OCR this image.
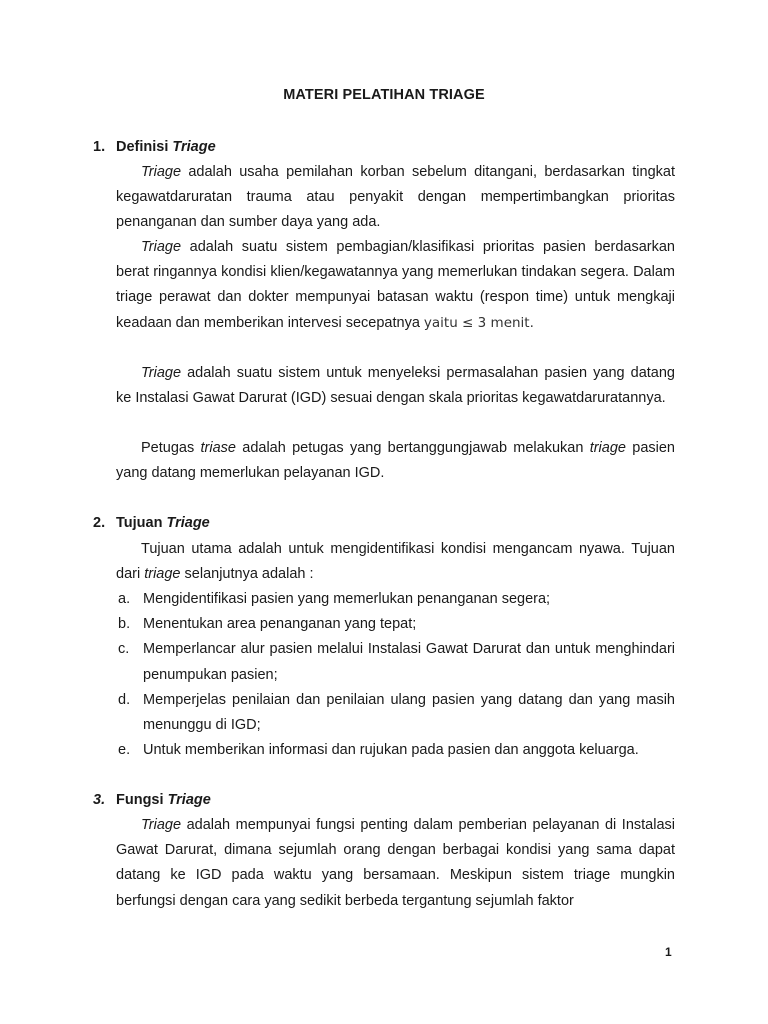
MATERI PELATIHAN TRIAGE
1. Definisi Triage

Triage adalah usaha pemilahan korban sebelum ditangani, berdasarkan tingkat kegawatdaruratan trauma atau penyakit dengan mempertimbangkan prioritas penanganan dan sumber daya yang ada.

Triage adalah suatu sistem pembagian/klasifikasi prioritas pasien berdasarkan berat ringannya kondisi klien/kegawatannya yang memerlukan tindakan segera. Dalam triage perawat dan dokter mempunyai batasan waktu (respon time) untuk mengkaji keadaan dan memberikan intervesi secepatnya yaitu ≤ 3 menit.

Triage adalah suatu sistem untuk menyeleksi permasalahan pasien yang datang ke Instalasi Gawat Darurat (IGD) sesuai dengan skala prioritas kegawatdaruratannya.

Petugas triase adalah petugas yang bertanggungjawab melakukan triage pasien yang datang memerlukan pelayanan IGD.

2. Tujuan Triage

Tujuan utama adalah untuk mengidentifikasi kondisi mengancam nyawa. Tujuan dari triage selanjutnya adalah :

a. Mengidentifikasi pasien yang memerlukan penanganan segera;
b. Menentukan area penanganan yang tepat;
c. Memperlancar alur pasien melalui Instalasi Gawat Darurat dan untuk menghindari penumpukan pasien;
d. Memperjelas penilaian dan penilaian ulang pasien yang datang dan yang masih menunggu di IGD;
e. Untuk memberikan informasi dan rujukan pada pasien dan anggota keluarga.
3. Fungsi Triage

Triage adalah mempunyai fungsi penting dalam pemberian pelayanan di Instalasi Gawat Darurat, dimana sejumlah orang dengan berbagai kondisi yang sama dapat datang ke IGD pada waktu yang bersamaan. Meskipun sistem triage mungkin berfungsi dengan cara yang sedikit berbeda tergantung sejumlah faktor

1
